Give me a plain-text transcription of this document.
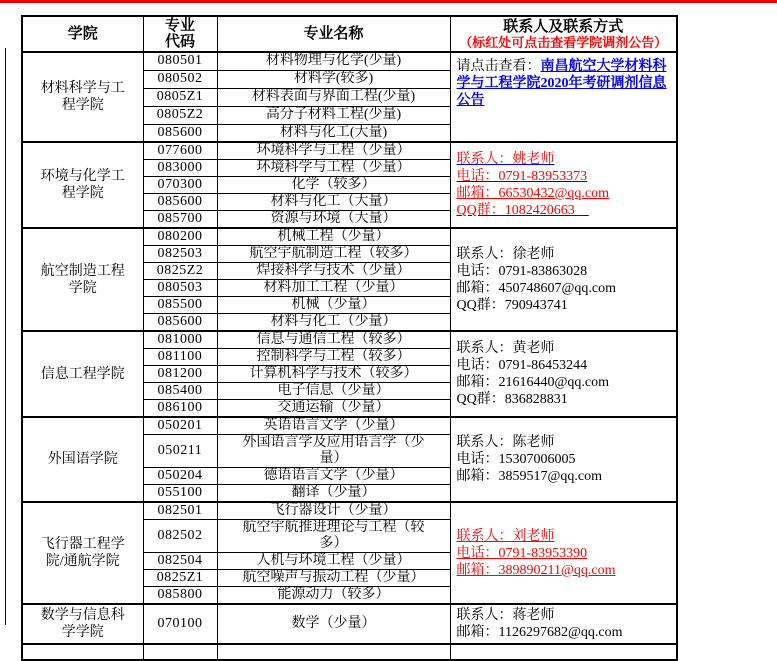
学院	专业代码	专业名称	联系人及联系方式
（标红处可点击查看学院调剂公告）

材料科学与工程学院	080501	材料物理与化学(少量)	请点击查看：南昌航空大学材料科学与工程学院2020年考研调剂信息公告
	080502	材料学(较多)	
	0805Z1	材料表面与界面工程(少量)	
	0805Z2	高分子材料工程(少量)	
	085600	材料与化工(大量)	
环境与化学工程学院	077600	环境科学与工程（少量）	联系人：姚老师
电话：0791-83953373
邮箱：66530432@qq.com
QQ群：1082420663

	083000	环境科学与工程（少量）	
	070300	化学（较多）	
	085600	材料与化工（大量）	
	085700	资源与环境（大量）	
航空制造工程学院	080200	机械工程（少量）	联系人：徐老师
电话：0791-83863028
邮箱：450748607@qq.com
QQ群：790943741

	082503	航空宇航制造工程（较多）	
	0825Z2	焊接科学与技术（少量）	
	080503	材料加工工程（少量）	
	085500	机械（少量）	
	085600	材料与化工（少量）	
信息工程学院	081000	信息与通信工程（较多）	联系人：黄老师
电话：0791-86453244
邮箱：21616440@qq.com
QQ群：836828831

	081100	控制科学与工程（较多）	
	081200	计算机科学与技术（较多）	
	085400	电子信息（少量）	
	086100	交通运输（少量）	
外国语学院	050201	英语语言文学（少量）	联系人：陈老师
电话：15307006005
邮箱：3859517@qq.com

	050211	外国语言学及应用语言学（少量）	
	050204	德语语言文学（少量）	
	055100	翻译（少量）	
飞行器工程学院/通航学院	082501	飞行器设计（少量）	联系人：刘老师
电话：0791-83953390
邮箱：389890211@qq.com

	082502	航空宇航推进理论与工程（较多）	
	082504	人机与环境工程（少量）	
	0825Z1	航空噪声与振动工程（少量）	
	085800	能源动力（较多）	
数学与信息科学学院	070100	数学（少量）	联系人：蒋老师
邮箱：1126297682@qq.com
